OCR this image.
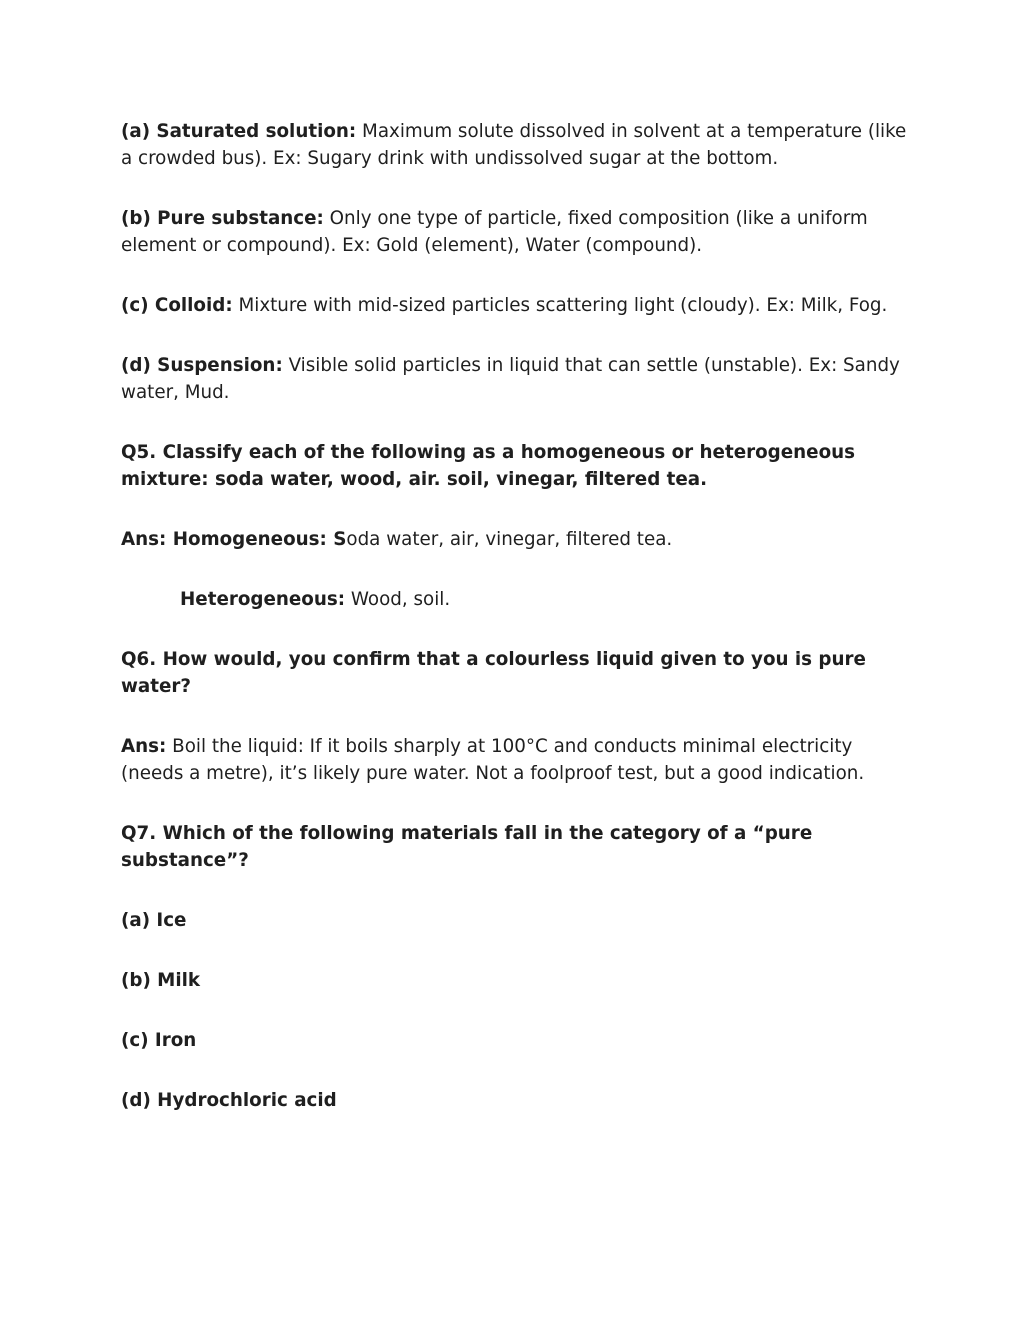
(a) Saturated solution: Maximum solute dissolved in solvent at a temperature (like a crowded bus). Ex: Sugary drink with undissolved sugar at the bottom.

(b) Pure substance: Only one type of particle, fixed composition (like a uniform element or compound). Ex: Gold (element), Water (compound).

(c) Colloid: Mixture with mid-sized particles scattering light (cloudy). Ex: Milk, Fog.

(d) Suspension: Visible solid particles in liquid that can settle (unstable). Ex: Sandy water, Mud.

Q5. Classify each of the following as a homogeneous or heterogeneous mixture: soda water, wood, air. soil, vinegar, filtered tea.

Ans: Homogeneous: Soda water, air, vinegar, filtered tea.

Heterogeneous: Wood, soil.

Q6. How would, you confirm that a colourless liquid given to you is pure water?

Ans: Boil the liquid: If it boils sharply at 100°C and conducts minimal electricity (needs a metre), it’s likely pure water. Not a foolproof test, but a good indication.

Q7. Which of the following materials fall in the category of a “pure substance”?

(a) Ice

(b) Milk

(c) Iron

(d) Hydrochloric acid
